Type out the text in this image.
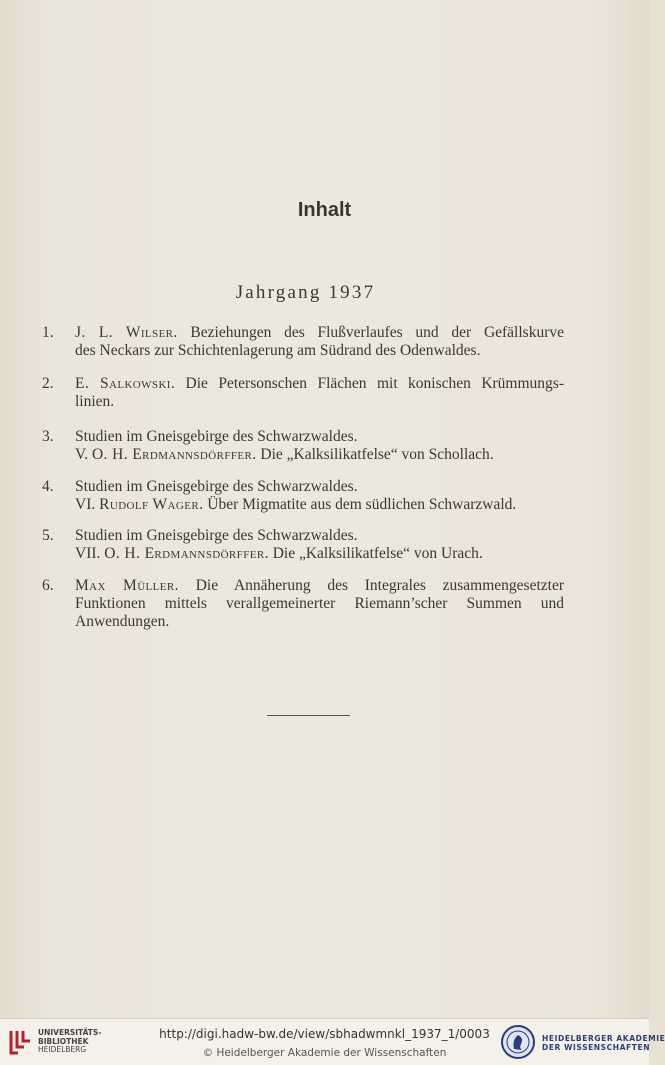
Inhalt
Jahrgang 1937
1.	J. L. Wilser. Beziehungen des Flußverlaufes und der Gefällskurve
des Neckars zur Schichtenlagerung am Südrand des Odenwaldes.
2.	E. Salkowski. Die Petersonschen Flächen mit konischen Krümmungs-
linien.
3.	Studien im Gneisgebirge des Schwarzwaldes.
V. O. H. Erdmannsdörffer. Die „Kalksilikatfelse“ von Schollach.
4.	Studien im Gneisgebirge des Schwarzwaldes.
VI. Rudolf Wager. Über Migmatite aus dem südlichen Schwarzwald.
5.	Studien im Gneisgebirge des Schwarzwaldes.
VII. O. H. Erdmannsdörffer. Die „Kalksilikatfelse“ von Urach.
6.	Max Müller. Die Annäherung des Integrales zusammengesetzter
Funktionen mittels verallgemeinerter Riemann’scher Summen und
Anwendungen.
UNIVERSITÄTS-
BIBLIOTHEK
HEIDELBERG
http://digi.hadw-bw.de/view/sbhadwmnkl_1937_1/0003
© Heidelberger Akademie der Wissenschaften
HEIDELBERGER AKADEMIE
DER WISSENSCHAFTEN
